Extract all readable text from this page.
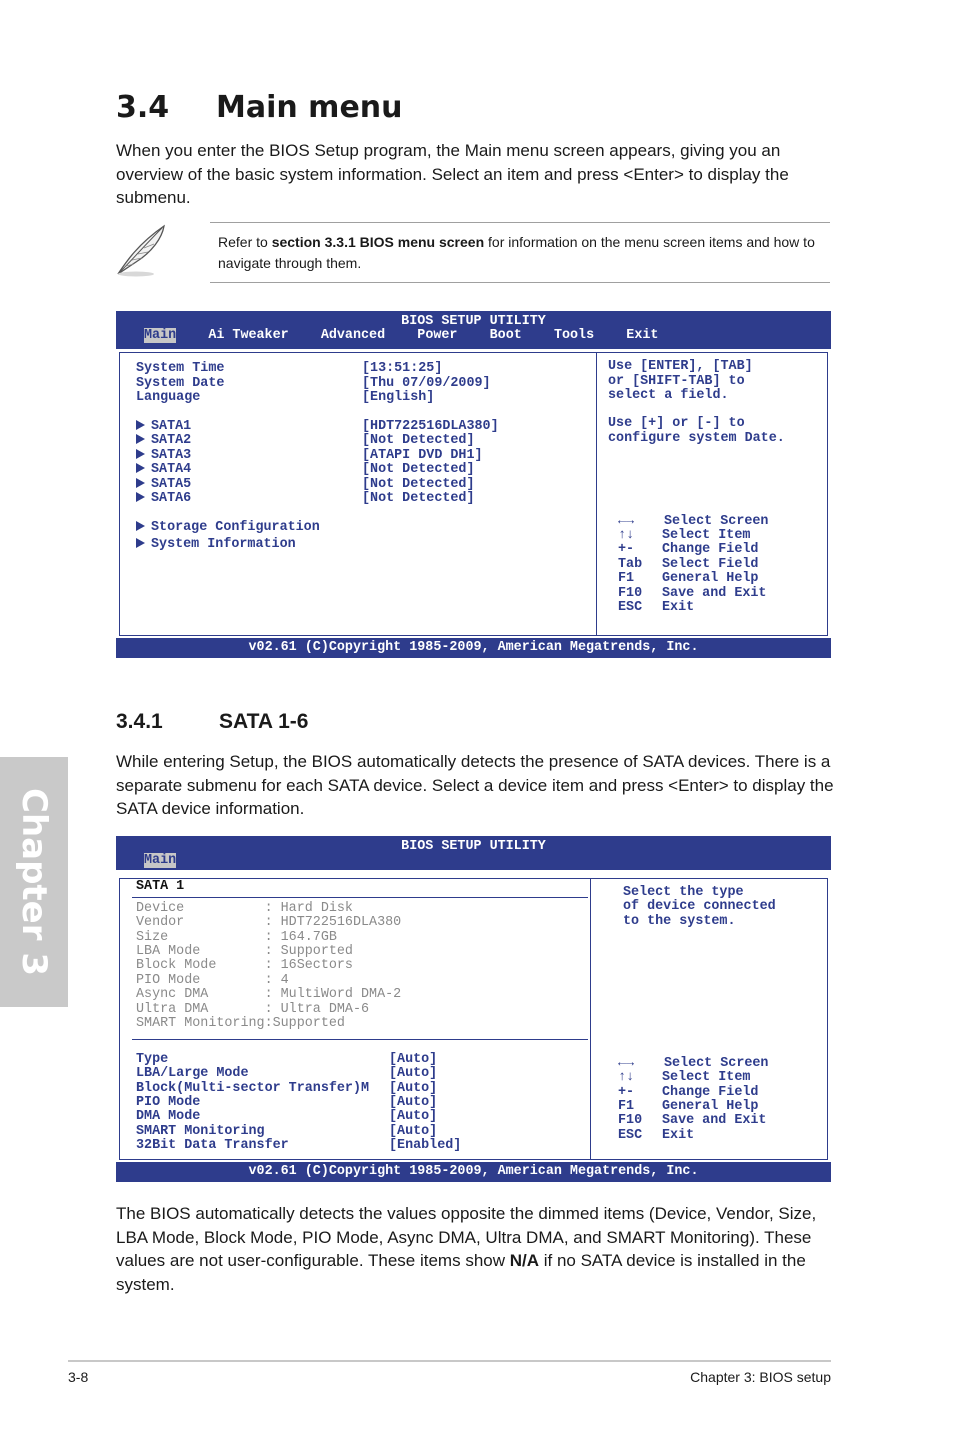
Chapter 3
3.4 Main menu
When you enter the BIOS Setup program, the Main menu screen appears, giving you an overview of the basic system information. Select an item and press <Enter> to display the submenu.
Refer to section 3.3.1 BIOS menu screen for information on the menu screen items and how to navigate through them.
BIOS SETUP UTILITY
Main Ai Tweaker Advanced Power Boot Tools Exit
System Time	[13:51:25]
System Date	[Thu 07/09/2009]
Language	[English]
SATA1	[HDT722516DLA380]
SATA2	[Not Detected]
SATA3	[ATAPI DVD DH1]
SATA4	[Not Detected]
SATA5	[Not Detected]
SATA6	[Not Detected]
Storage Configuration
System Information
Use [ENTER], [TAB]
or [SHIFT-TAB] to
select a field.
Use [+] or [-] to
configure system Date.
←→ Select Screen
↑↓ Select Item
+- Change Field
Tab Select Field
F1 General Help
F10 Save and Exit
ESC Exit
v02.61 (C)Copyright 1985-2009, American Megatrends, Inc.
3.4.1	SATA 1-6
While entering Setup, the BIOS automatically detects the presence of SATA devices. There is a separate submenu for each SATA device. Select a device item and press <Enter> to display the SATA device information.
BIOS SETUP UTILITY
Main
SATA 1
Device          : Hard Disk
Vendor          : HDT722516DLA380
Size            : 164.7GB
LBA Mode        : Supported
Block Mode      : 16Sectors
PIO Mode        : 4
Async DMA       : MultiWord DMA-2
Ultra DMA       : Ultra DMA-6
SMART Monitoring:Supported
Type	[Auto]
LBA/Large Mode	[Auto]
Block(Multi-sector Transfer)M [Auto]
PIO Mode	[Auto]
DMA Mode	[Auto]
SMART Monitoring	[Auto]
32Bit Data Transfer	[Enabled]
Select the type
of device connected
to the system.
←→ Select Screen
↑↓ Select Item
+- Change Field
F1 General Help
F10 Save and Exit
ESC Exit
v02.61 (C)Copyright 1985-2009, American Megatrends, Inc.
The BIOS automatically detects the values opposite the dimmed items (Device, Vendor, Size, LBA Mode, Block Mode, PIO Mode, Async DMA, Ultra DMA, and SMART Monitoring). These values are not user-configurable. These items show N/A if no SATA device is installed in the system.
3-8	Chapter 3: BIOS setup
